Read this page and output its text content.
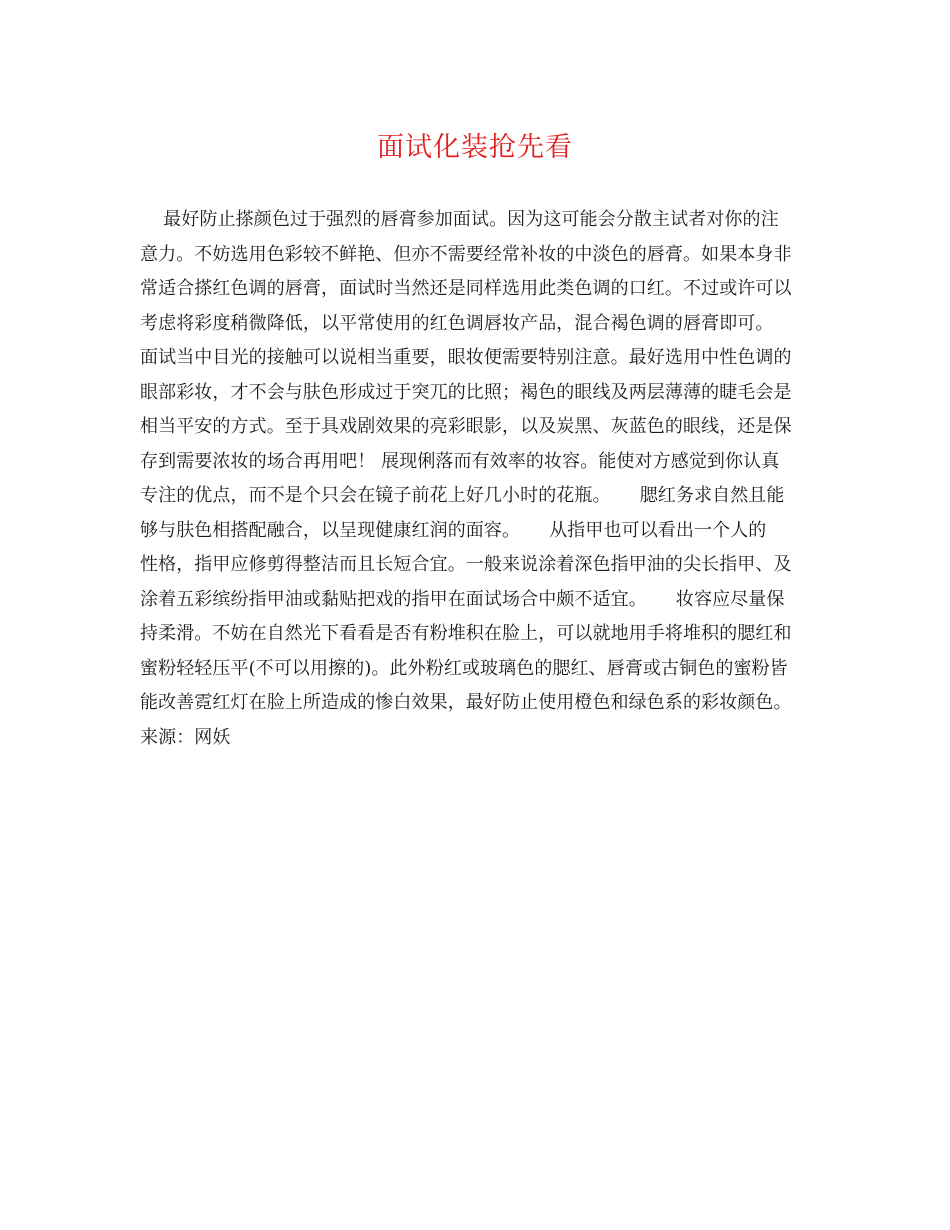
面试化装抢先看
最好防止搽颜色过于强烈的唇膏参加面试。因为这可能会分散主试者对你的注
意力。不妨选用色彩较不鲜艳、但亦不需要经常补妆的中淡色的唇膏。如果本身非
常适合搽红色调的唇膏，面试时当然还是同样选用此类色调的口红。不过或许可以
考虑将彩度稍微降低，以平常使用的红色调唇妆产品，混合褐色调的唇膏即可。
面试当中目光的接触可以说相当重要，眼妆便需要特别注意。最好选用中性色调的
眼部彩妆，才不会与肤色形成过于突兀的比照；褐色的眼线及两层薄薄的睫毛会是
相当平安的方式。至于具戏剧效果的亮彩眼影，以及炭黑、灰蓝色的眼线，还是保
存到需要浓妆的场合再用吧！ 展现俐落而有效率的妆容。能使对方感觉到你认真
专注的优点，而不是个只会在镜子前花上好几小时的花瓶。     腮红务求自然且能
够与肤色相搭配融合，以呈现健康红润的面容。     从指甲也可以看出一个人的
性格，指甲应修剪得整洁而且长短合宜。一般来说涂着深色指甲油的尖长指甲、及
涂着五彩缤纷指甲油或黏贴把戏的指甲在面试场合中颇不适宜。     妆容应尽量保
持柔滑。不妨在自然光下看看是否有粉堆积在脸上，可以就地用手将堆积的腮红和
蜜粉轻轻压平(不可以用擦的)。此外粉红或玻璃色的腮红、唇膏或古铜色的蜜粉皆
能改善霓红灯在脸上所造成的惨白效果，最好防止使用橙色和绿色系的彩妆颜色。
来源：网妖
